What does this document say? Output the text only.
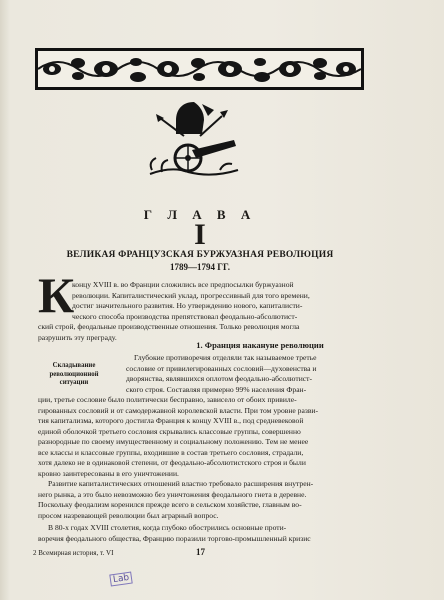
Г Л А В А
I
ВЕЛИКАЯ ФРАНЦУЗСКАЯ БУРЖУАЗНАЯ РЕВОЛЮЦИЯ
1789—1794 ГГ.
К
концу XVIII в. во Франции сложились все предпосылки буржуазной
революции. Капиталистический уклад, прогрессивный для того времени,
достиг значительного развития. Но утверждению нового, капиталисти-
ческого способа производства препятствовал феодально-абсолютист-
ский строй, феодальные производственные отношения. Только революция могла
разрушить эту преграду.
1. Франция накануне революции
Складывание
революционной
ситуации
Глубокие противоречия отделяли так называемое третье
сословие от привилегированных сословий—духовенства и
дворянства, являвшихся оплотом феодально-абсолютист-
ского строя. Составляя примерно 99% населения Фран-
ции, третье сословие было политически бесправно, зависело от обоих привиле-
гированных сословий и от самодержавной королевской власти. При том уровне разви-
тия капитализма, которого достигла Франция к концу XVIII в., под средневековой
единой оболочкой третьего сословия скрывались классовые группы, совершенно
разнородные по своему имущественному и социальному положению. Тем не менее
все классы и классовые группы, входившие в состав третьего сословия, страдали,
хотя далеко не в одинаковой степени, от феодально-абсолютистского строя и были
кровно заинтересованы в его уничтожении.
Развитие капиталистических отношений властно требовало расширения внутрен-
него рынка, а это было невозможно без уничтожения феодального гнета в деревне.
Поскольку феодализм коренился прежде всего в сельском хозяйстве, главным во-
просом назревающей революции был аграрный вопрос.
В 80-х годах XVIII столетия, когда глубоко обострились основные проти-
воречия феодального общества, Францию поразили торгово-промышленный кризис
2 Всемирная история, т. VI	17
Lab
